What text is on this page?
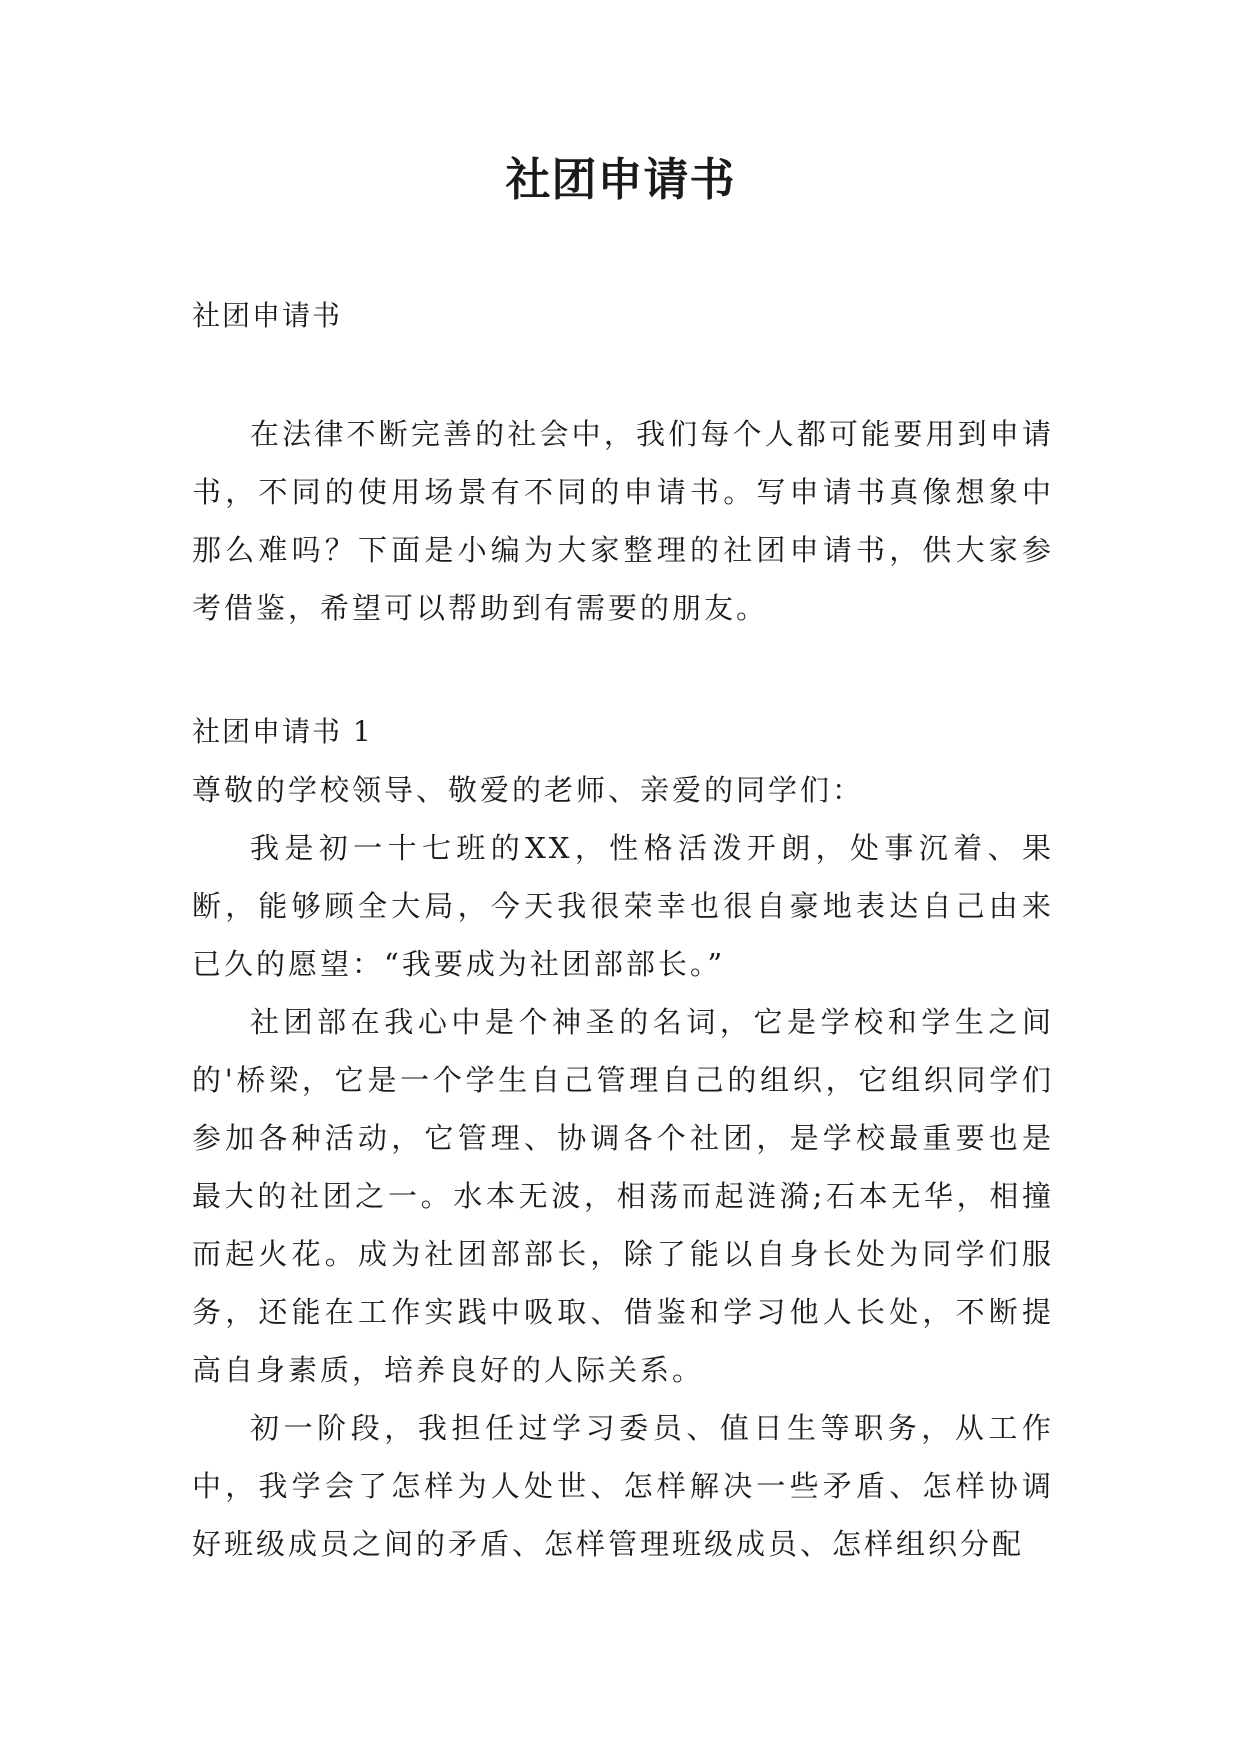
社团申请书

社团申请书

在法律不断完善的社会中，我们每个人都可能要用到申请书，不同的使用场景有不同的申请书。写申请书真像想象中那么难吗？下面是小编为大家整理的社团申请书，供大家参考借鉴，希望可以帮助到有需要的朋友。

社团申请书 1

尊敬的学校领导、敬爱的老师、亲爱的同学们：

我是初一十七班的XX，性格活泼开朗，处事沉着、果断，能够顾全大局，今天我很荣幸也很自豪地表达自己由来已久的愿望：“我要成为社团部部长。”

社团部在我心中是个神圣的名词，它是学校和学生之间的'桥梁，它是一个学生自己管理自己的组织，它组织同学们参加各种活动，它管理、协调各个社团，是学校最重要也是最大的社团之一。水本无波，相荡而起涟漪;石本无华，相撞而起火花。成为社团部部长，除了能以自身长处为同学们服务，还能在工作实践中吸取、借鉴和学习他人长处，不断提高自身素质，培养良好的人际关系。

初一阶段，我担任过学习委员、值日生等职务，从工作中，我学会了怎样为人处世、怎样解决一些矛盾、怎样协调好班级成员之间的矛盾、怎样管理班级成员、怎样组织分配
